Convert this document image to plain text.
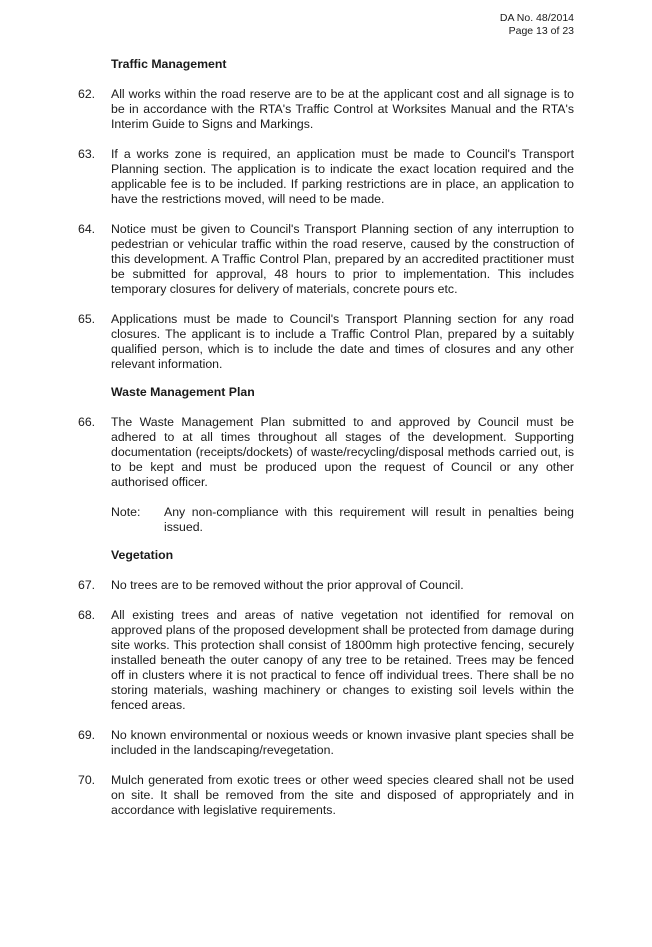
DA No. 48/2014
Page 13 of 23
Traffic Management
62. All works within the road reserve are to be at the applicant cost and all signage is to be in accordance with the RTA's Traffic Control at Worksites Manual and the RTA's Interim Guide to Signs and Markings.
63. If a works zone is required, an application must be made to Council's Transport Planning section. The application is to indicate the exact location required and the applicable fee is to be included. If parking restrictions are in place, an application to have the restrictions moved, will need to be made.
64. Notice must be given to Council's Transport Planning section of any interruption to pedestrian or vehicular traffic within the road reserve, caused by the construction of this development. A Traffic Control Plan, prepared by an accredited practitioner must be submitted for approval, 48 hours to prior to implementation. This includes temporary closures for delivery of materials, concrete pours etc.
65. Applications must be made to Council's Transport Planning section for any road closures. The applicant is to include a Traffic Control Plan, prepared by a suitably qualified person, which is to include the date and times of closures and any other relevant information.
Waste Management Plan
66. The Waste Management Plan submitted to and approved by Council must be adhered to at all times throughout all stages of the development. Supporting documentation (receipts/dockets) of waste/recycling/disposal methods carried out, is to be kept and must be produced upon the request of Council or any other authorised officer.
Note: Any non-compliance with this requirement will result in penalties being issued.
Vegetation
67. No trees are to be removed without the prior approval of Council.
68. All existing trees and areas of native vegetation not identified for removal on approved plans of the proposed development shall be protected from damage during site works. This protection shall consist of 1800mm high protective fencing, securely installed beneath the outer canopy of any tree to be retained. Trees may be fenced off in clusters where it is not practical to fence off individual trees. There shall be no storing materials, washing machinery or changes to existing soil levels within the fenced areas.
69. No known environmental or noxious weeds or known invasive plant species shall be included in the landscaping/revegetation.
70. Mulch generated from exotic trees or other weed species cleared shall not be used on site. It shall be removed from the site and disposed of appropriately and in accordance with legislative requirements.
